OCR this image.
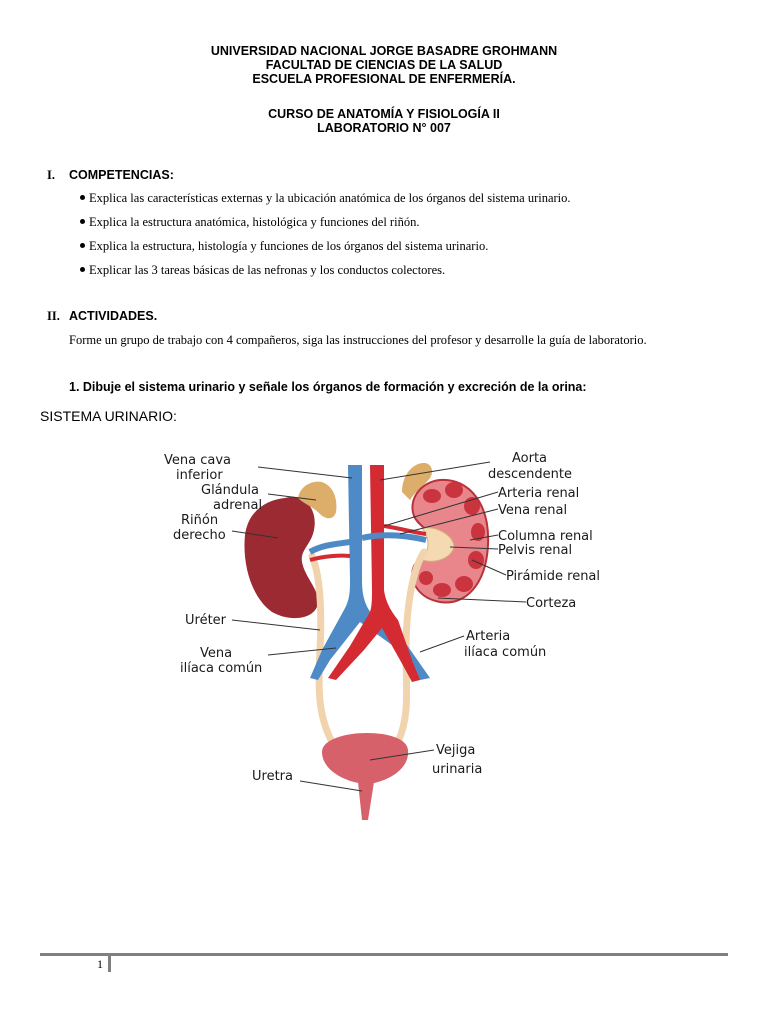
UNIVERSIDAD NACIONAL JORGE BASADRE GROHMANN
FACULTAD DE CIENCIAS DE LA SALUD
ESCUELA PROFESIONAL DE ENFERMERÍA.
CURSO DE ANATOMÍA Y FISIOLOGÍA II
LABORATORIO N° 007
I. COMPETENCIAS:
Explica las características externas y la ubicación anatómica de los órganos del sistema urinario.
Explica la estructura anatómica, histológica y funciones del riñón.
Explica la estructura, histología y funciones de los órganos del sistema urinario.
Explicar las 3 tareas básicas de las nefronas y los conductos colectores.
II. ACTIVIDADES.
Forme un grupo de trabajo con 4 compañeros, siga las instrucciones del profesor y desarrolle la guía de laboratorio.
1. Dibuje el sistema urinario y señale los órganos de formación y excreción de la orina:
SISTEMA URINARIO:
Vena cava
inferior
Glándula
adrenal
Riñón
derecho
Uréter
Vena
ilíaca común
Uretra
Aorta
descendente
Arteria renal
Vena renal
Columna renal
Pelvis renal
Pirámide renal
Corteza
Arteria
ilíaca común
Vejiga
urinaria
1
